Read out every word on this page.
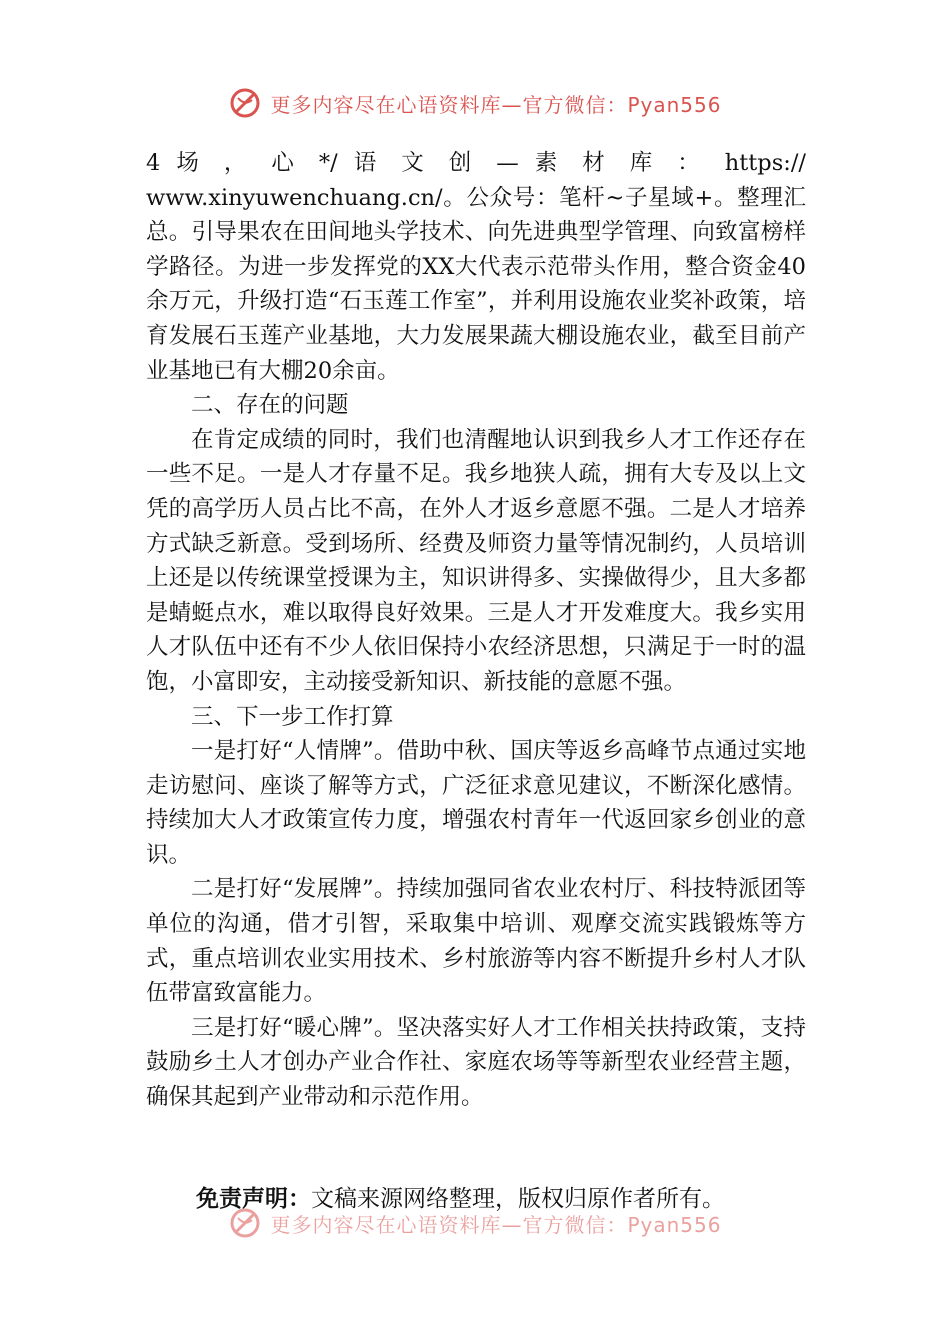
更多内容尽在心语资料库—官方微信：Pyan556

4 场 ， 心 */ 语 文 创 — 素 材 库 ： https://

www.xinyuwenchuang.cn/。公众号：笔杆~子星域+。整理汇总。引导果农在田间地头学技术、向先进典型学管理、向致富榜样学路径。为进一步发挥党的XX大代表示范带头作用，整合资金40余万元，升级打造“石玉莲工作室”，并利用设施农业奖补政策，培育发展石玉莲产业基地，大力发展果蔬大棚设施农业，截至目前产业基地已有大棚20余亩。

二、存在的问题

在肯定成绩的同时，我们也清醒地认识到我乡人才工作还存在一些不足。一是人才存量不足。我乡地狭人疏，拥有大专及以上文凭的高学历人员占比不高，在外人才返乡意愿不强。二是人才培养方式缺乏新意。受到场所、经费及师资力量等情况制约，人员培训上还是以传统课堂授课为主，知识讲得多、实操做得少，且大多都是蜻蜓点水，难以取得良好效果。三是人才开发难度大。我乡实用人才队伍中还有不少人依旧保持小农经济思想，只满足于一时的温饱，小富即安，主动接受新知识、新技能的意愿不强。

三、下一步工作打算

一是打好“人情牌”。借助中秋、国庆等返乡高峰节点通过实地走访慰问、座谈了解等方式，广泛征求意见建议，不断深化感情。持续加大人才政策宣传力度，增强农村青年一代返回家乡创业的意识。

二是打好“发展牌”。持续加强同省农业农村厅、科技特派团等单位的沟通，借才引智，采取集中培训、观摩交流实践锻炼等方式，重点培训农业实用技术、乡村旅游等内容不断提升乡村人才队伍带富致富能力。

三是打好“暖心牌”。坚决落实好人才工作相关扶持政策，支持鼓励乡土人才创办产业合作社、家庭农场等等新型农业经营主题，确保其起到产业带动和示范作用。

免责声明：文稿来源网络整理，版权归原作者所有。
更多内容尽在心语资料库—官方微信：Pyan556
